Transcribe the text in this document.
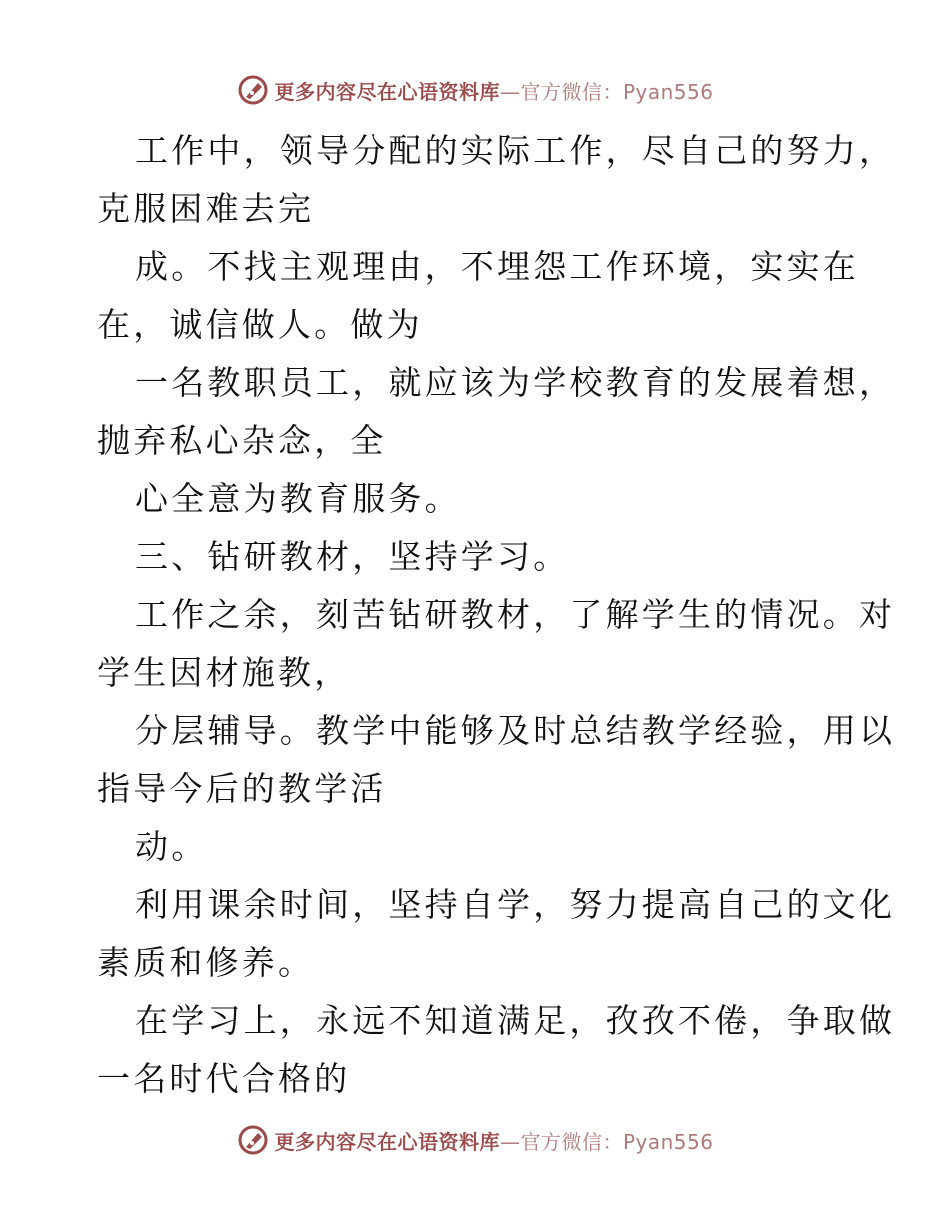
更多内容尽在心语资料库—官方微信：Pyan556

工作中，领导分配的实际工作，尽自己的努力，

克服困难去完

成。不找主观理由，不埋怨工作环境，实实在

在，诚信做人。做为

一名教职员工，就应该为学校教育的发展着想，

抛弃私心杂念，全

心全意为教育服务。

三、钻研教材，坚持学习。

工作之余，刻苦钻研教材，了解学生的情况。对

学生因材施教，

分层辅导。教学中能够及时总结教学经验，用以

指导今后的教学活

动。

利用课余时间，坚持自学，努力提高自己的文化

素质和修养。

在学习上，永远不知道满足，孜孜不倦，争取做

一名时代合格的

更多内容尽在心语资料库—官方微信：Pyan556
